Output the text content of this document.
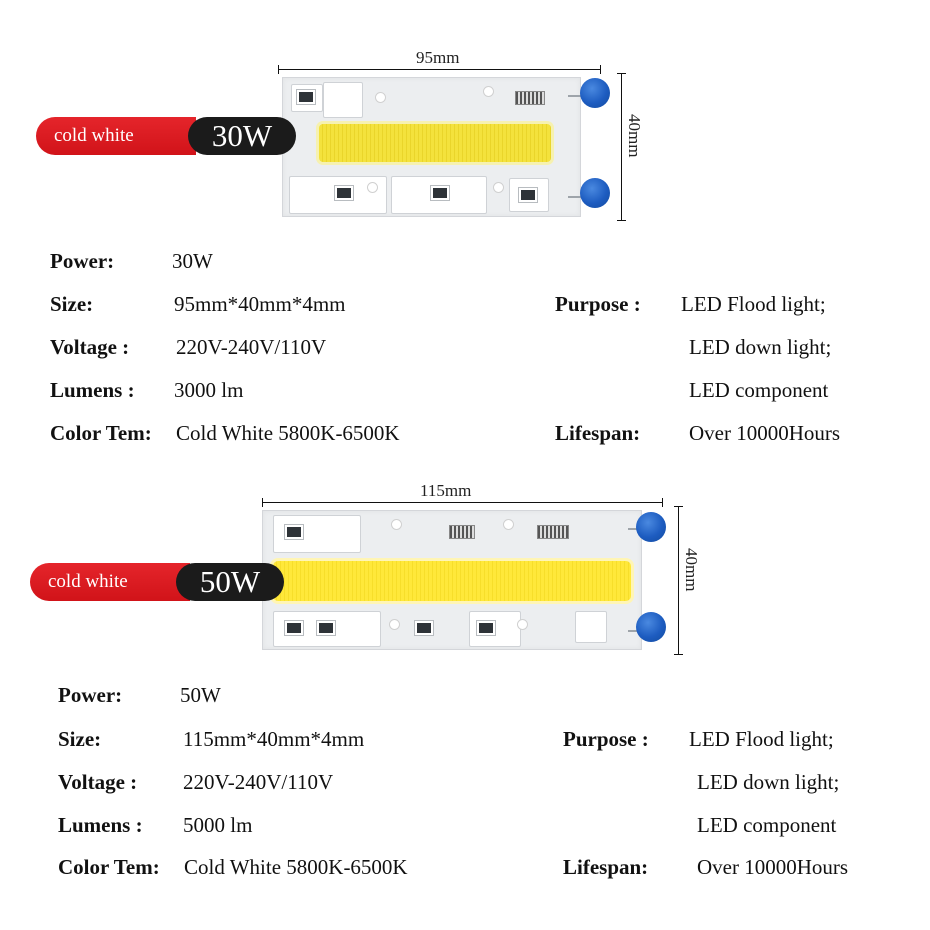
95mm
40mm
cold white	30W
Power:	30W
Size:	95mm*40mm*4mm
Voltage : 220V-240V/110V
Lumens : 3000 lm
Color Tem: Cold White 5800K-6500K
Purpose : LED Flood light;
LED down light;
LED component
Lifespan: Over 10000Hours
115mm
40mm
cold white	50W
Power:	50W
Size:	115mm*40mm*4mm
Voltage : 220V-240V/110V
Lumens : 5000 lm
Color Tem: Cold White 5800K-6500K
Purpose : LED Flood light;
LED down light;
LED component
Lifespan: Over 10000Hours
